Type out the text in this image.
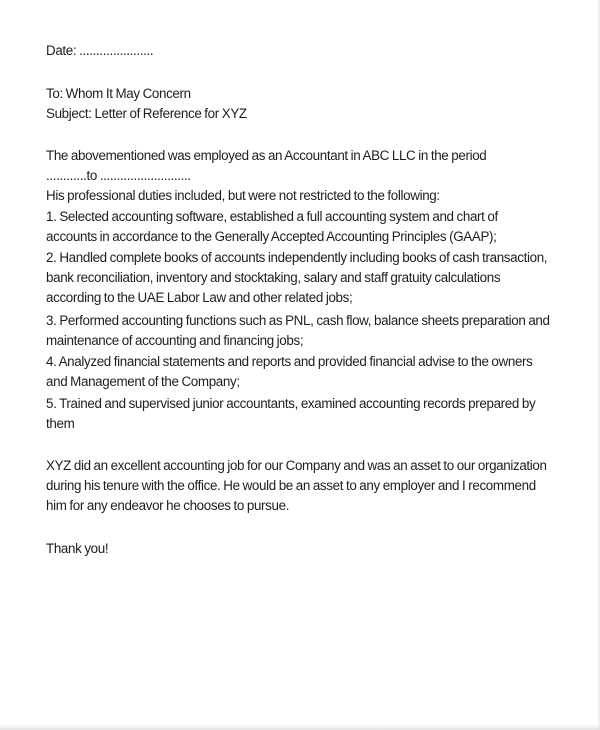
Date: ......................
To: Whom It May Concern
Subject: Letter of Reference for XYZ
The abovementioned was employed as an Accountant in ABC LLC in the period
............to ...........................
His professional duties included, but were not restricted to the following:
1. Selected accounting software, established a full accounting system and chart of
accounts in accordance to the Generally Accepted Accounting Principles (GAAP);
2. Handled complete books of accounts independently including books of cash transaction,
bank reconciliation, inventory and stocktaking, salary and staff gratuity calculations
according to the UAE Labor Law and other related jobs;
3. Performed accounting functions such as PNL, cash flow, balance sheets preparation and
maintenance of accounting and financing jobs;
4. Analyzed financial statements and reports and provided financial advise to the owners
and Management of the Company;
5. Trained and supervised junior accountants, examined accounting records prepared by
them
XYZ did an excellent accounting job for our Company and was an asset to our organization
during his tenure with the office. He would be an asset to any employer and I recommend
him for any endeavor he chooses to pursue.
Thank you!
